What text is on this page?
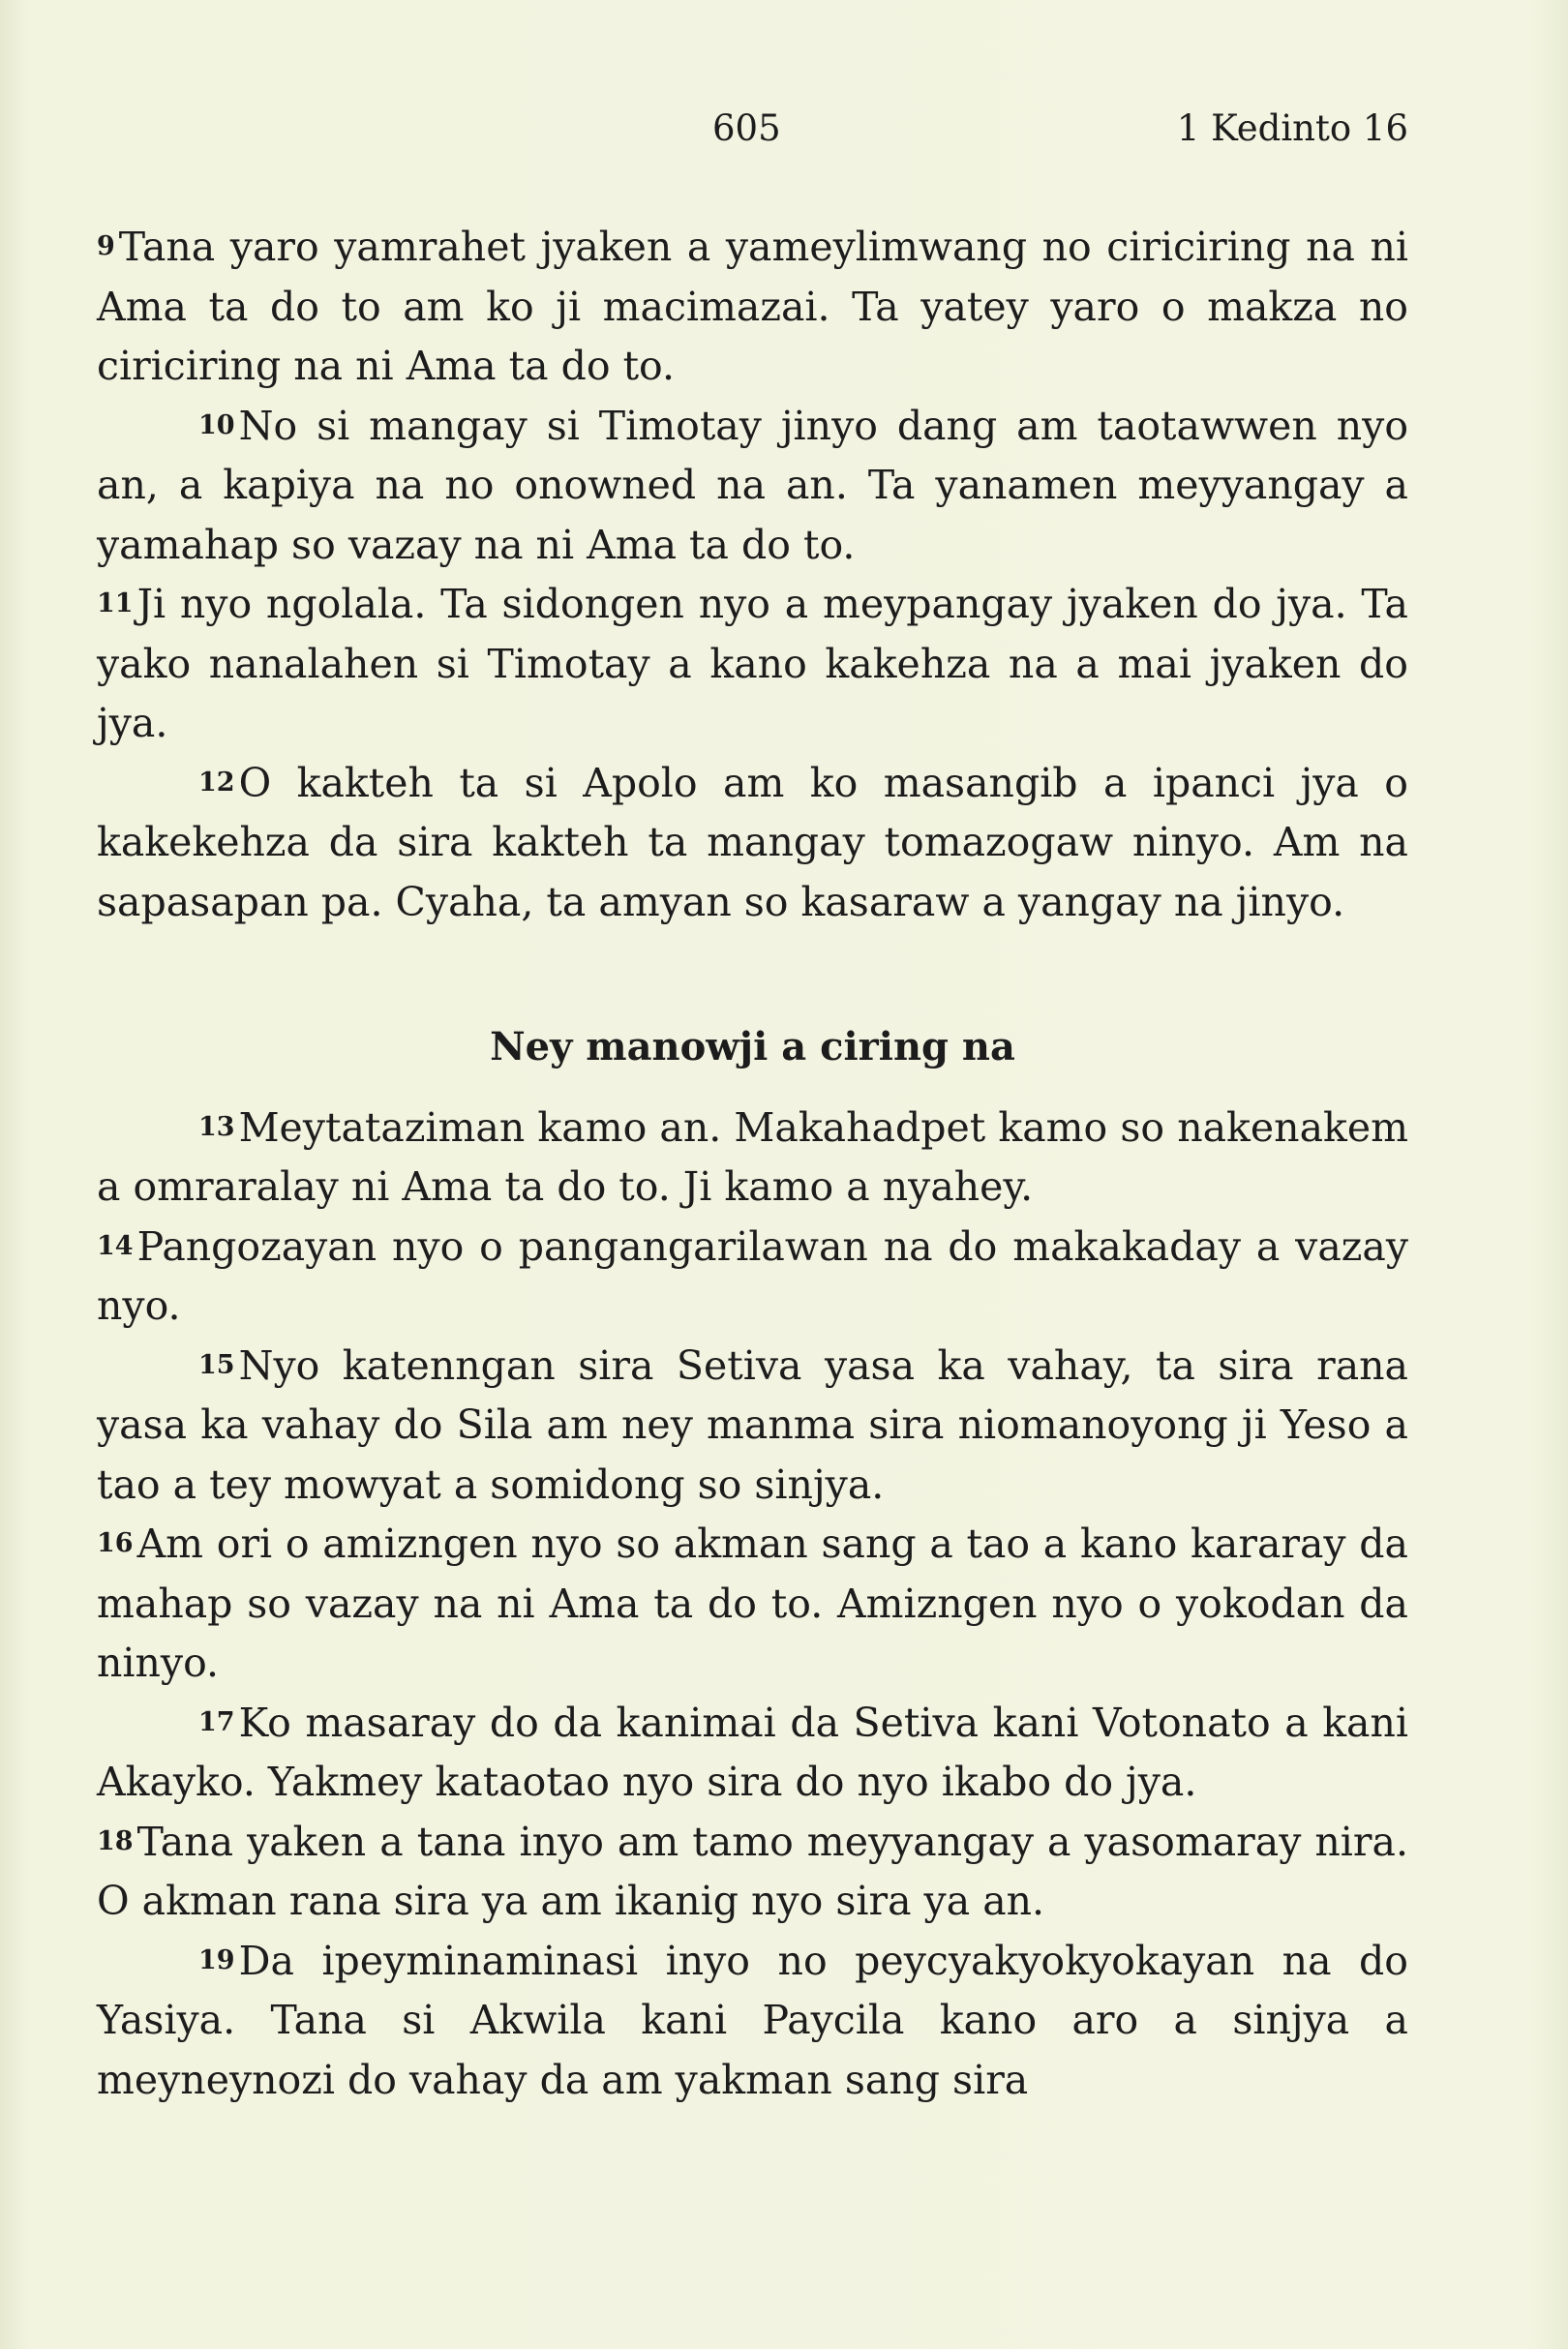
605	1 Kedinto 16

9Tana yaro yamrahet jyaken a yameylimwang no ciriciring na ni Ama ta do to am ko ji macimazai. Ta yatey yaro o makza no ciriciring na ni Ama ta do to.

10No si mangay si Timotay jinyo dang am taotawwen nyo an, a kapiya na no onowned na an. Ta yanamen meyyangay a yamahap so vazay na ni Ama ta do to.

11Ji nyo ngolala. Ta sidongen nyo a meypangay jyaken do jya. Ta yako nanalahen si Timotay a kano kakehza na a mai jyaken do jya.

12O kakteh ta si Apolo am ko masangib a ipanci jya o kakekehza da sira kakteh ta mangay tomazogaw ninyo. Am na sapasapan pa. Cyaha, ta amyan so kasaraw a yangay na jinyo.

Ney manowji a ciring na

13Meytataziman kamo an. Makahadpet kamo so nakenakem a omraralay ni Ama ta do to. Ji kamo a nyahey.

14Pangozayan nyo o pangangarilawan na do makakaday a vazay nyo.

15Nyo katenngan sira Setiva yasa ka vahay, ta sira rana yasa ka vahay do Sila am ney manma sira niomanoyong ji Yeso a tao a tey mowyat a somidong so sinjya.

16Am ori o amizngen nyo so akman sang a tao a kano kararay da mahap so vazay na ni Ama ta do to. Amizngen nyo o yokodan da ninyo.

17Ko masaray do da kanimai da Setiva kani Votonato a kani Akayko. Yakmey kataotao nyo sira do nyo ikabo do jya.

18Tana yaken a tana inyo am tamo meyyangay a yasomaray nira. O akman rana sira ya am ikanig nyo sira ya an.

19Da ipeyminaminasi inyo no peycyakyokyokayan na do Yasiya. Tana si Akwila kani Paycila kano aro a sinjya a meyneynozi do vahay da am yakman sang sira
